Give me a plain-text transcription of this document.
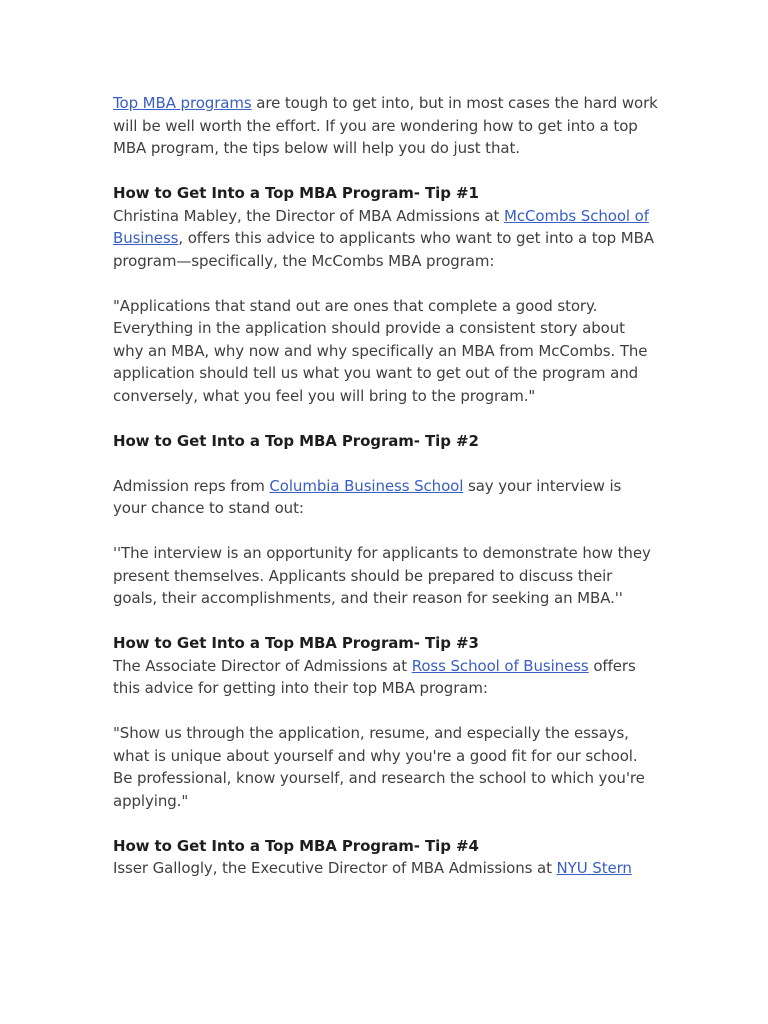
Top MBA programs are tough to get into, but in most cases the hard work will be well worth the effort. If you are wondering how to get into a top MBA program, the tips below will help you do just that.

How to Get Into a Top MBA Program- Tip #1

Christina Mabley, the Director of MBA Admissions at McCombs School of Business, offers this advice to applicants who want to get into a top MBA program—specifically, the McCombs MBA program:

"Applications that stand out are ones that complete a good story. Everything in the application should provide a consistent story about why an MBA, why now and why specifically an MBA from McCombs. The application should tell us what you want to get out of the program and conversely, what you feel you will bring to the program."

How to Get Into a Top MBA Program- Tip #2

Admission reps from Columbia Business School say your interview is your chance to stand out:

''The interview is an opportunity for applicants to demonstrate how they present themselves. Applicants should be prepared to discuss their goals, their accomplishments, and their reason for seeking an MBA.''

How to Get Into a Top MBA Program- Tip #3

The Associate Director of Admissions at Ross School of Business offers this advice for getting into their top MBA program:

"Show us through the application, resume, and especially the essays, what is unique about yourself and why you're a good fit for our school. Be professional, know yourself, and research the school to which you're applying."

How to Get Into a Top MBA Program- Tip #4

Isser Gallogly, the Executive Director of MBA Admissions at NYU Stern
